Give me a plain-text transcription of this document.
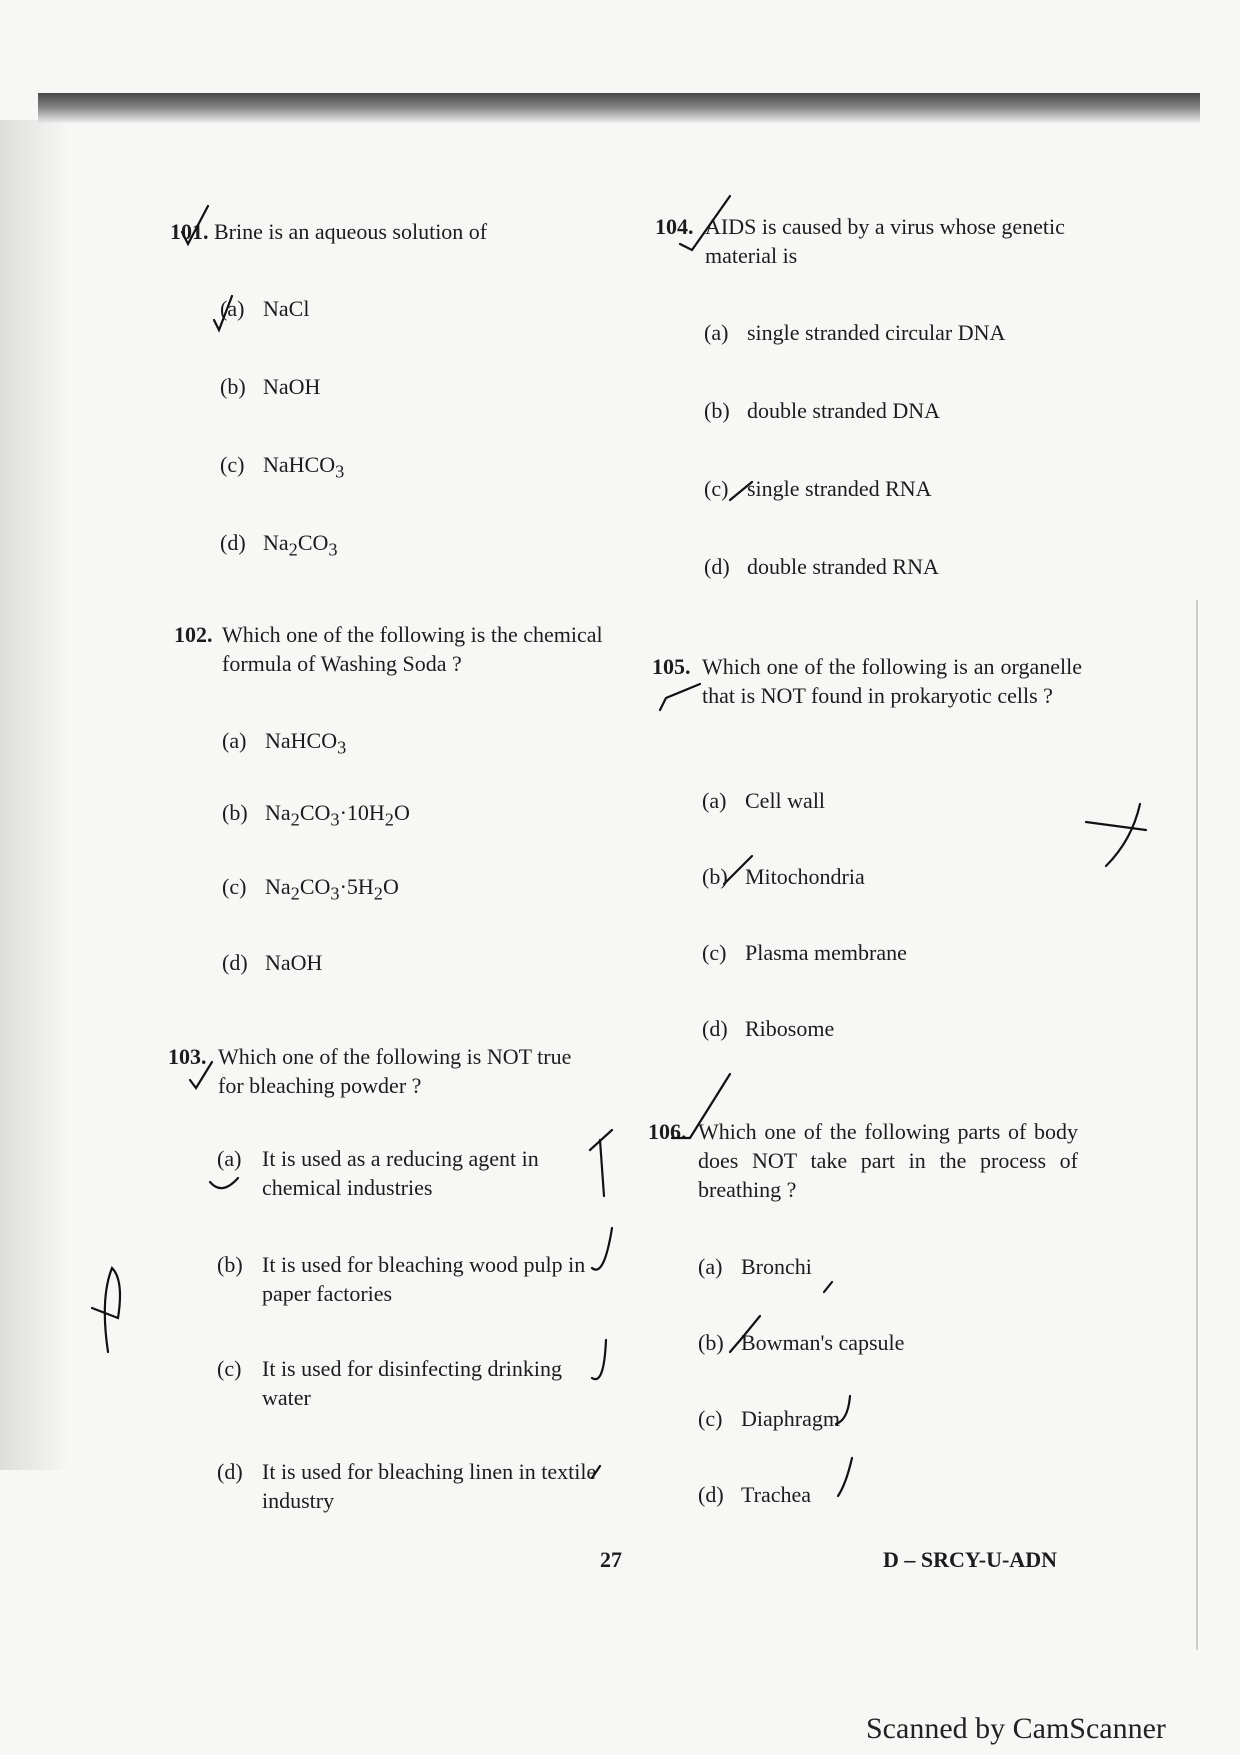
101. Brine is an aqueous solution of
(a) NaCl
(b) NaOH
(c) NaHCO$_3$
(d) $Na_2CO_3$
102. Which one of the following is the chemical formula of Washing Soda ?
(a) NaHCO$_3$
(b) $Na_2CO_3\cdot 10H_2O$
(c) $Na_2CO_3\cdot 5H_2O$
(d) NaOH
103. Which one of the following is NOT true for bleaching powder ?
(a) It is used as a reducing agent in chemical industries
(b) It is used for bleaching wood pulp in paper factories
(c) It is used for disinfecting drinking water
(d) It is used for bleaching linen in textile industry
104. AIDS is caused by a virus whose genetic material is
(a) single stranded circular DNA
(b) double stranded DNA
(c) single stranded RNA
(d) double stranded RNA
105. Which one of the following is an organelle that is NOT found in prokaryotic cells ?
(a) Cell wall
(b) Mitochondria
(c) Plasma membrane
(d) Ribosome
106. Which one of the following parts of body does NOT take part in the process of breathing ?
(a) Bronchi
(b) Bowman's capsule
(c) Diaphragm
(d) Trachea
27	D – SRCY-U-ADN
Scanned by CamScanner
